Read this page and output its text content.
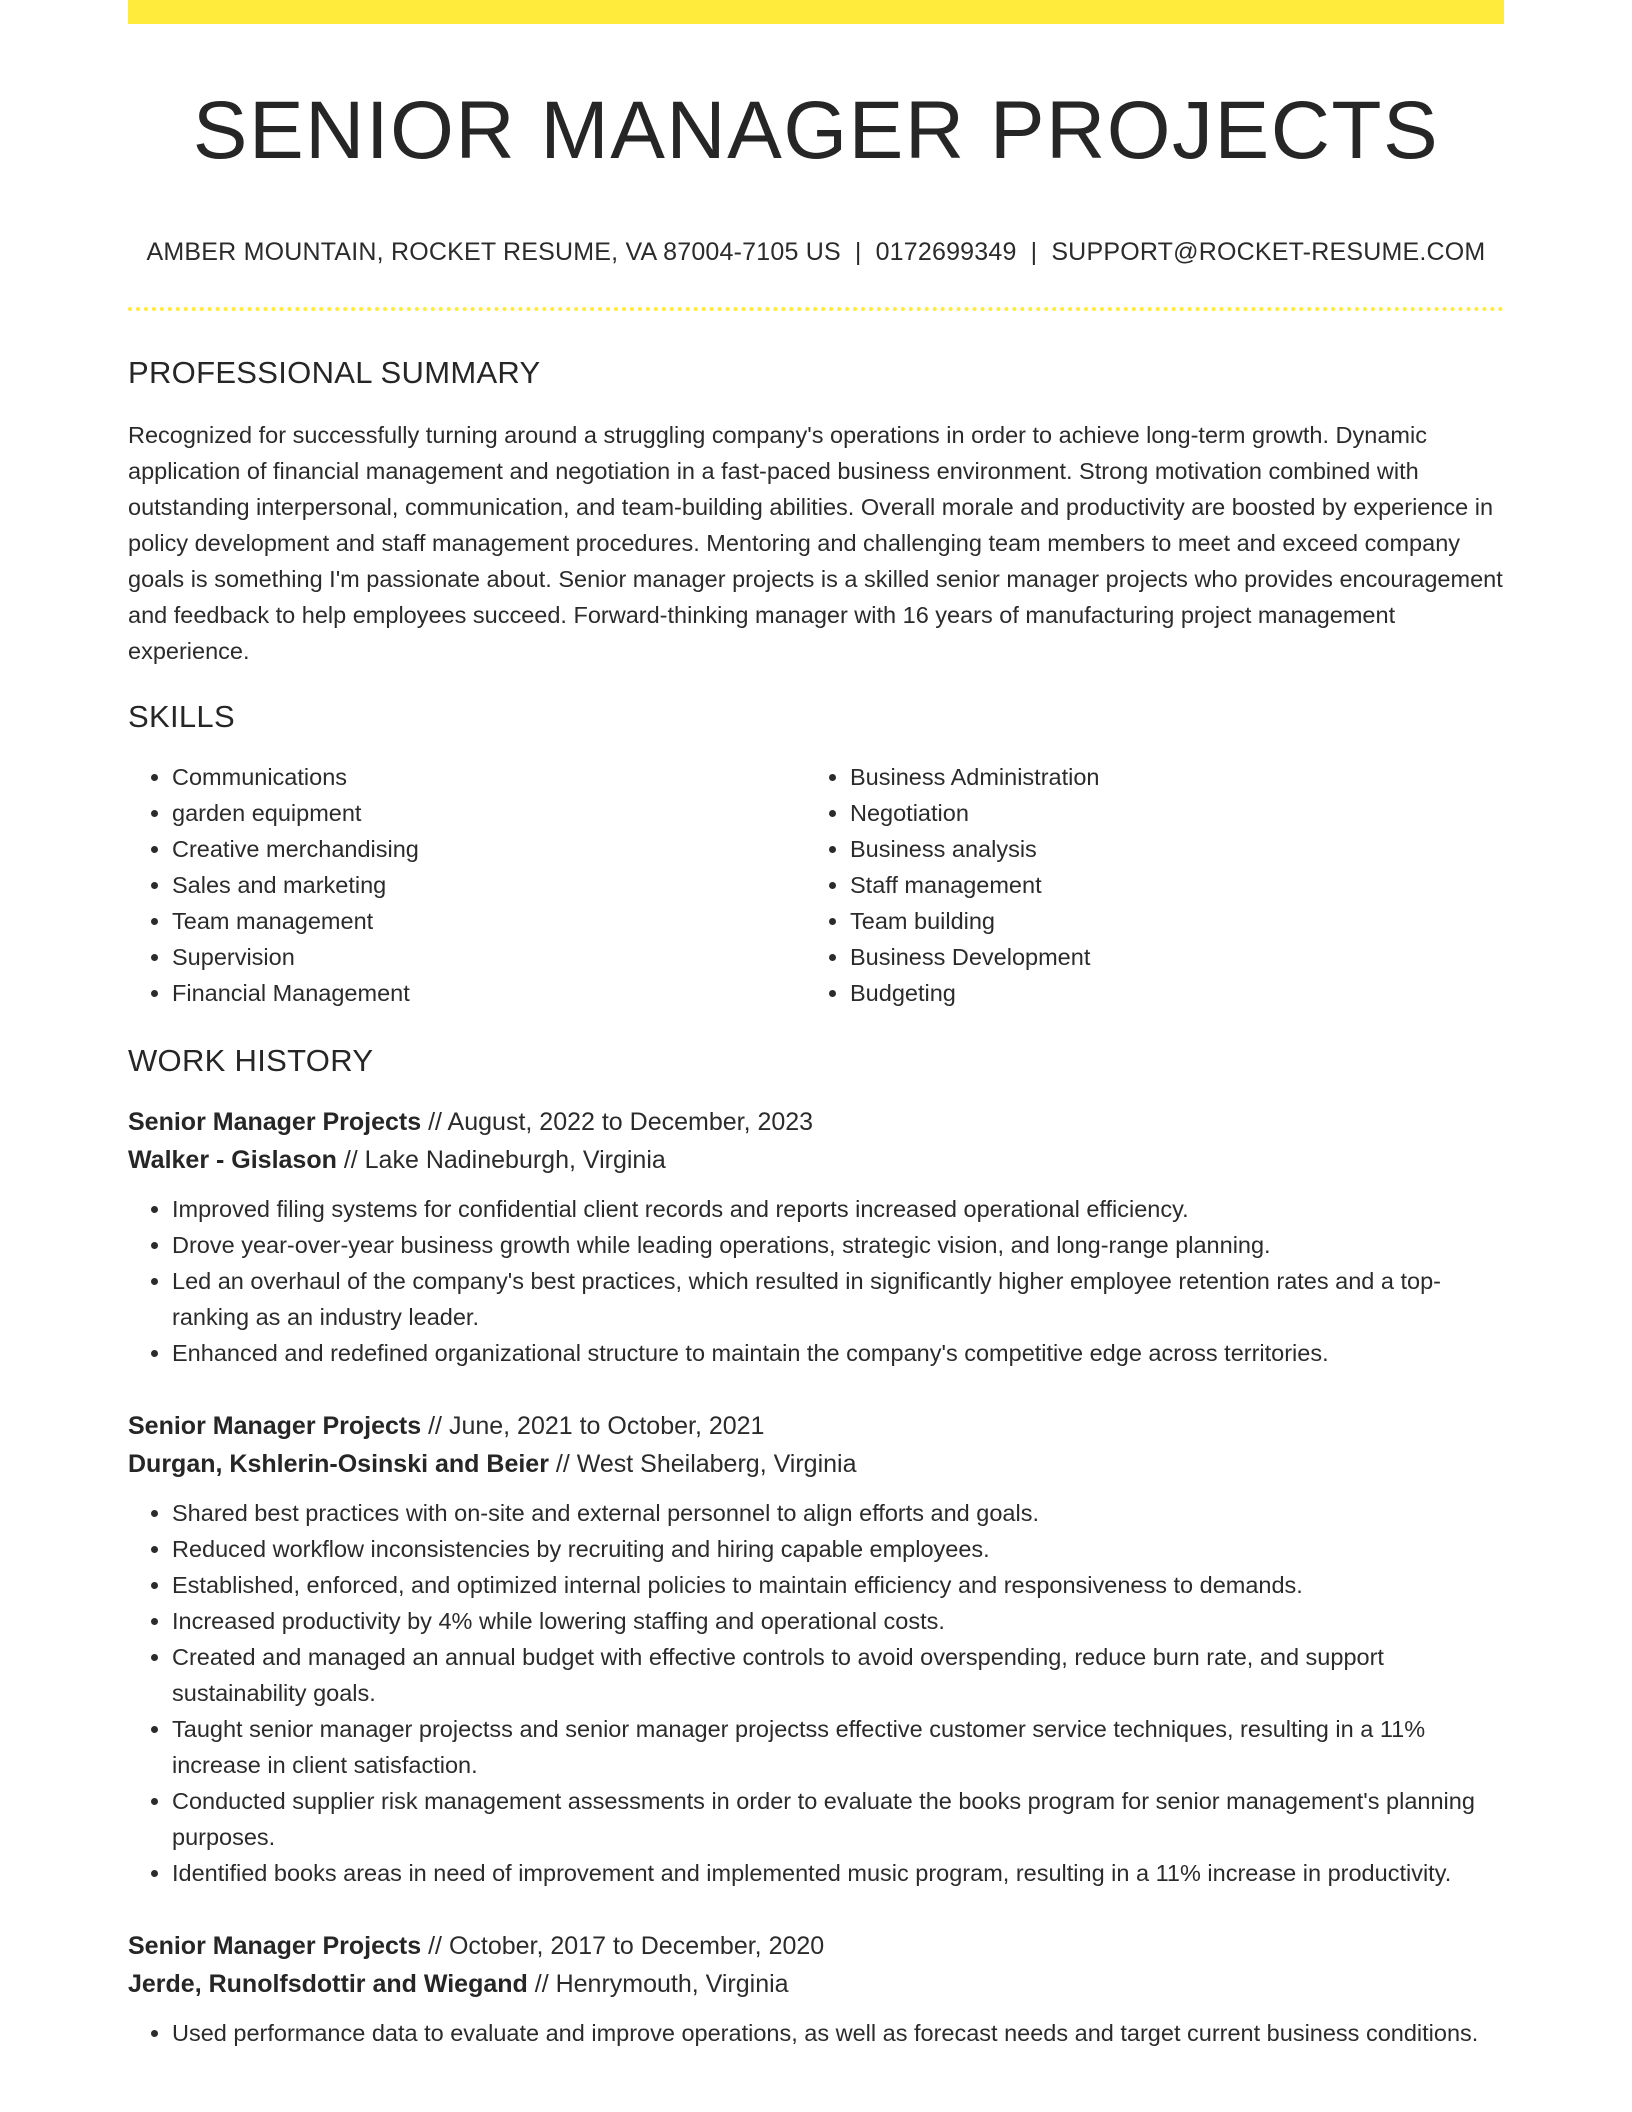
SENIOR MANAGER PROJECTS
AMBER MOUNTAIN, ROCKET RESUME, VA 87004-7105 US | 0172699349 | SUPPORT@ROCKET-RESUME.COM
PROFESSIONAL SUMMARY
Recognized for successfully turning around a struggling company's operations in order to achieve long-term growth. Dynamic application of financial management and negotiation in a fast-paced business environment. Strong motivation combined with outstanding interpersonal, communication, and team-building abilities. Overall morale and productivity are boosted by experience in policy development and staff management procedures. Mentoring and challenging team members to meet and exceed company goals is something I'm passionate about. Senior manager projects is a skilled senior manager projects who provides encouragement and feedback to help employees succeed. Forward-thinking manager with 16 years of manufacturing project management experience.
SKILLS
• Communications
• garden equipment
• Creative merchandising
• Sales and marketing
• Team management
• Supervision
• Financial Management
• Business Administration
• Negotiation
• Business analysis
• Staff management
• Team building
• Business Development
• Budgeting
WORK HISTORY
Senior Manager Projects // August, 2022 to December, 2023
Walker - Gislason // Lake Nadineburgh, Virginia
• Improved filing systems for confidential client records and reports increased operational efficiency.
• Drove year-over-year business growth while leading operations, strategic vision, and long-range planning.
• Led an overhaul of the company's best practices, which resulted in significantly higher employee retention rates and a top-ranking as an industry leader.
• Enhanced and redefined organizational structure to maintain the company's competitive edge across territories.
Senior Manager Projects // June, 2021 to October, 2021
Durgan, Kshlerin-Osinski and Beier // West Sheilaberg, Virginia
• Shared best practices with on-site and external personnel to align efforts and goals.
• Reduced workflow inconsistencies by recruiting and hiring capable employees.
• Established, enforced, and optimized internal policies to maintain efficiency and responsiveness to demands.
• Increased productivity by 4% while lowering staffing and operational costs.
• Created and managed an annual budget with effective controls to avoid overspending, reduce burn rate, and support sustainability goals.
• Taught senior manager projectss and senior manager projectss effective customer service techniques, resulting in a 11% increase in client satisfaction.
• Conducted supplier risk management assessments in order to evaluate the books program for senior management's planning purposes.
• Identified books areas in need of improvement and implemented music program, resulting in a 11% increase in productivity.
Senior Manager Projects // October, 2017 to December, 2020
Jerde, Runolfsdottir and Wiegand // Henrymouth, Virginia
• Used performance data to evaluate and improve operations, as well as forecast needs and target current business conditions.
